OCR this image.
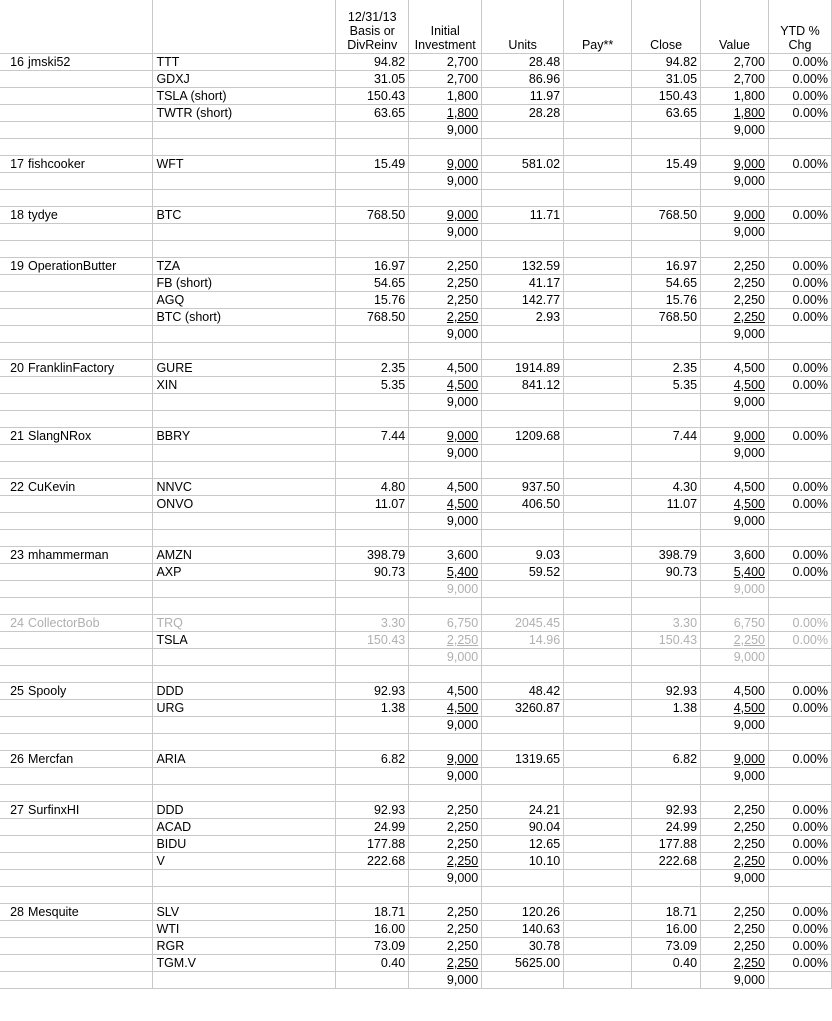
		12/31/13 Basis or DivReinv	Initial Investment	Units	Pay**	Close	Value	YTD % Chg
16 jmski52	TTT	94.82	2,700	28.48		94.82	2,700	0.00%
	GDXJ	31.05	2,700	86.96		31.05	2,700	0.00%
	TSLA (short)	150.43	1,800	11.97		150.43	1,800	0.00%
	TWTR (short)	63.65	1,800	28.28		63.65	1,800	0.00%
			9,000				9,000	

17 fishcooker	WFT	15.49	9,000	581.02		15.49	9,000	0.00%
			9,000				9,000	

18 tydye	BTC	768.50	9,000	11.71		768.50	9,000	0.00%
			9,000				9,000	

19 OperationButter	TZA	16.97	2,250	132.59		16.97	2,250	0.00%
	FB (short)	54.65	2,250	41.17		54.65	2,250	0.00%
	AGQ	15.76	2,250	142.77		15.76	2,250	0.00%
	BTC (short)	768.50	2,250	2.93		768.50	2,250	0.00%
			9,000				9,000	

20 FranklinFactory	GURE	2.35	4,500	1914.89		2.35	4,500	0.00%
	XIN	5.35	4,500	841.12		5.35	4,500	0.00%
			9,000				9,000	

21 SlangNRox	BBRY	7.44	9,000	1209.68		7.44	9,000	0.00%
			9,000				9,000	

22 CuKevin	NNVC	4.80	4,500	937.50		4.30	4,500	0.00%
	ONVO	11.07	4,500	406.50		11.07	4,500	0.00%
			9,000				9,000	

23 mhammerman	AMZN	398.79	3,600	9.03		398.79	3,600	0.00%
	AXP	90.73	5,400	59.52		90.73	5,400	0.00%
			9,000				9,000	

24 CollectorBob	TRQ	3.30	6,750	2045.45		3.30	6,750	0.00%
	TSLA	150.43	2,250	14.96		150.43	2,250	0.00%
			9,000				9,000	

25 Spooly	DDD	92.93	4,500	48.42		92.93	4,500	0.00%
	URG	1.38	4,500	3260.87		1.38	4,500	0.00%
			9,000				9,000	

26 Mercfan	ARIA	6.82	9,000	1319.65		6.82	9,000	0.00%
			9,000				9,000	

27 SurfinxHI	DDD	92.93	2,250	24.21		92.93	2,250	0.00%
	ACAD	24.99	2,250	90.04		24.99	2,250	0.00%
	BIDU	177.88	2,250	12.65		177.88	2,250	0.00%
	V	222.68	2,250	10.10		222.68	2,250	0.00%
			9,000				9,000	

28 Mesquite	SLV	18.71	2,250	120.26		18.71	2,250	0.00%
	WTI	16.00	2,250	140.63		16.00	2,250	0.00%
	RGR	73.09	2,250	30.78		73.09	2,250	0.00%
	TGM.V	0.40	2,250	5625.00		0.40	2,250	0.00%
			9,000				9,000	
